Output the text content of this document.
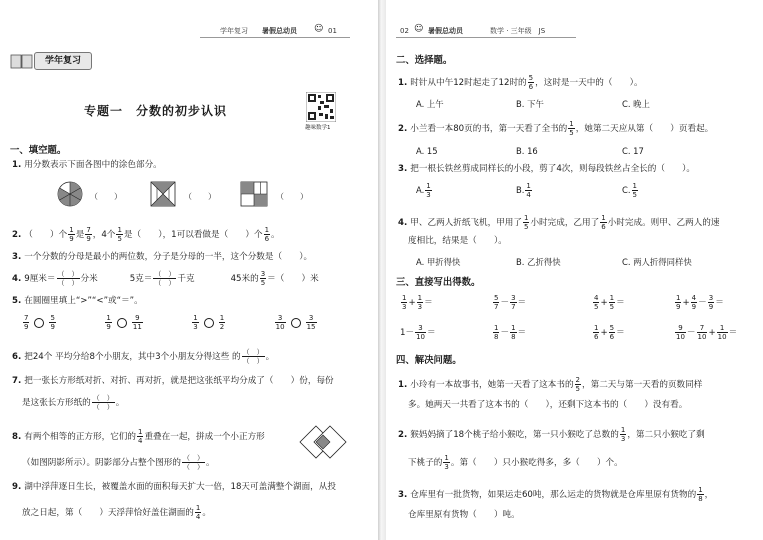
学年复习 暑假总动员 ☺ 01
学年复习
专题一　分数的初步认识
趣味数学1
一、填空题。
1. 用分数表示下面各图中的涂色部分。
（　　）	（　　）	（　　）
2. （　　）个 $\frac{1}{9}$ 是 $\frac{7}{9}$ ，4个 $\frac{1}{5}$ 是（　　），1可以看做是（　　）个 $\frac{1}{6}$ 。
3. 一个分数的分母是最小的两位数，分子是分母的一半，这个分数是（　　）。
4. 9厘米＝ $\frac{( )}{( )}$ 分米	5克＝ $\frac{( )}{( )}$ 千克	45米的 $\frac{3}{5}$ ＝（　　）米
5. 在圆圈里填上“>”“<”或“＝”。
$\frac{7}{9}$	$\frac{5}{9}$
	$\frac{1}{9}$	$\frac{9}{11}$
	$\frac{1}{3}$	$\frac{1}{2}$
	$\frac{3}{10}$	$\frac{3}{15}$
6. 把24个 平均分给8个小朋友，其中3个小朋友分得这些 的 $\frac{( )}{( )}$ 。
7. 把一张长方形纸对折、对折、再对折，就是把这张纸平均分成了（　　）份，每份
是这张长方形纸的 $\frac{( )}{( )}$ 。
8. 有两个相等的正方形，它们的 $\frac{1}{4}$ 重叠在一起，拼成一个小正方形
（如图阴影所示）。阴影部分占整个图形的 $\frac{( )}{( )}$ 。
9. 湖中浮萍逐日生长，被覆盖水面的面积每天扩大一倍，18天可盖满整个湖面，从投
放之日起，第（　　）天浮萍恰好盖住湖面的 $\frac{1}{4}$ 。
02 ☺ 暑假总动员	数学 · 三年级　JS
二、选择题。
1. 时针从中午12时起走了12时的 $\frac{5}{6}$ ，这时是一天中的（　　）。
A. 上午	B. 下午	C. 晚上
2. 小兰看一本80页的书，第一天看了全书的 $\frac{1}{5}$ ，她第二天应从第（　　）页看起。
A. 15	B. 16	C. 17
3. 把一根长铁丝剪成同样长的小段，剪了4次，则每段铁丝占全长的（　　）。
A. $\frac{1}{3}$	B. $\frac{1}{4}$	C. $\frac{1}{5}$
4. 甲、乙两人折纸飞机，甲用了 $\frac{1}{5}$ 小时完成，乙用了 $\frac{1}{6}$ 小时完成。则甲、乙两人的速
度相比，结果是（　　）。
A. 甲折得快	B. 乙折得快	C. 两人折得同样快
三、直接写出得数。
$\frac{1}{3} + \frac{1}{3}$ ＝	$\frac{5}{7} - \frac{3}{7}$ ＝	$\frac{4}{5} + \frac{1}{5}$ ＝	$\frac{1}{9} + \frac{4}{9} - \frac{3}{9}$ ＝
$1- \frac{3}{10}$ ＝	$\frac{1}{8} - \frac{1}{8}$ ＝	$\frac{1}{6} + \frac{5}{6}$ ＝	$\frac{9}{10} - \frac{7}{10} + \frac{1}{10}$ ＝
四、解决问题。
1. 小玲有一本故事书，她第一天看了这本书的 $\frac{2}{5}$ ，第二天与第一天看的页数同样
多。她两天一共看了这本书的（　　），还剩下这本书的（　　）没有看。
2. 猴妈妈摘了18个桃子给小猴吃，第一只小猴吃了总数的 $\frac{1}{3}$ ，第二只小猴吃了剩
下桃子的 $\frac{1}{3}$ 。第（　　）只小猴吃得多，多（　　）个。
3. 仓库里有一批货物，如果运走60吨，那么运走的货物就是仓库里原有货物的 $\frac{1}{8}$ ，
仓库里原有货物（　　）吨。
